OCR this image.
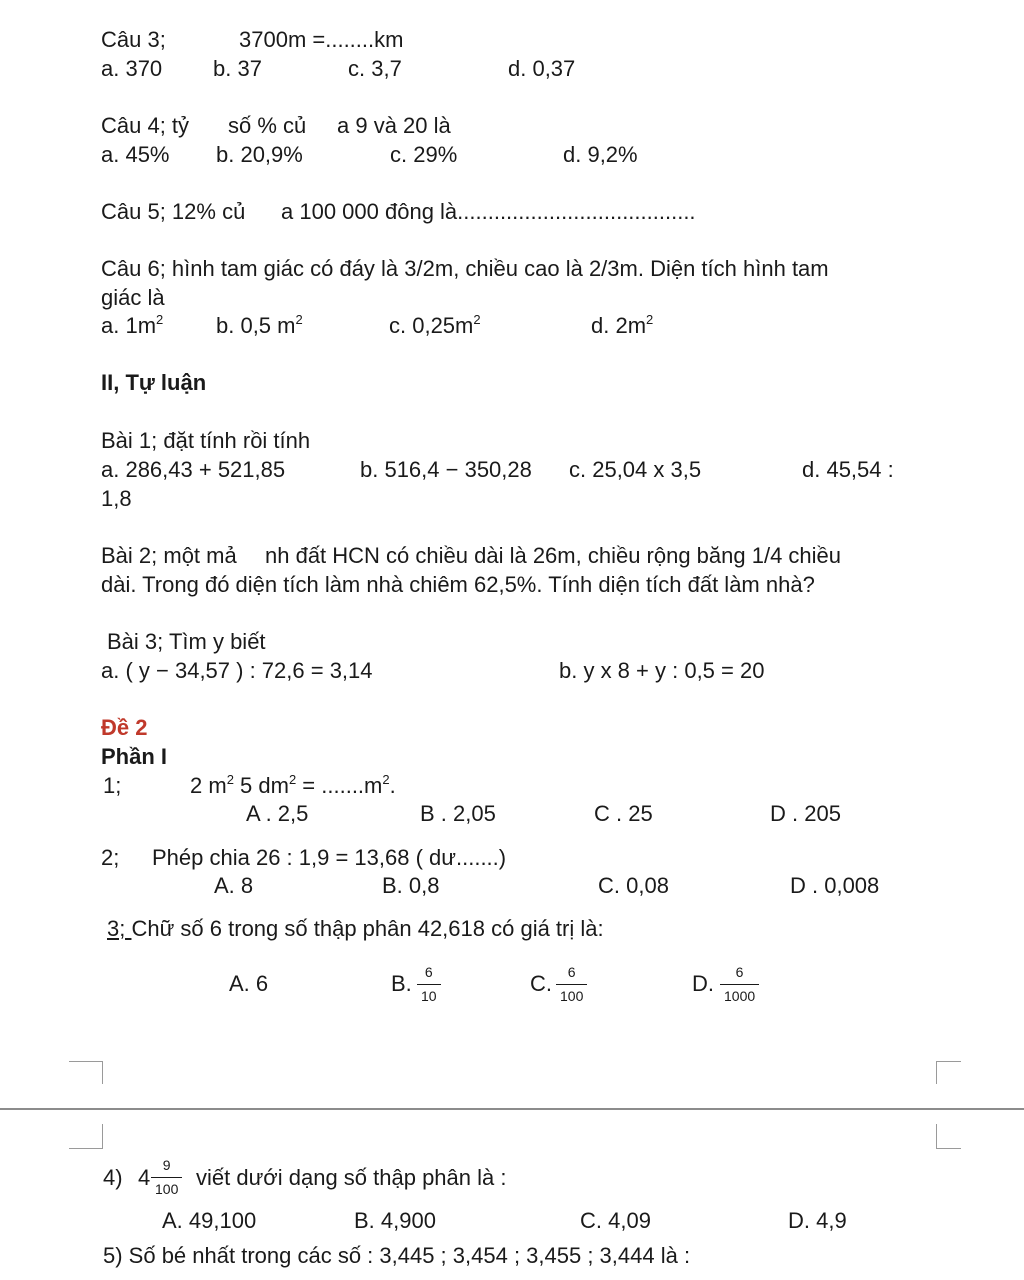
Câu 3;	3700m =........km
a. 370 b. 37	c. 3,7	d. 0,37
Câu 4; tỷ số % củ a 9 và 20 là
a. 45% b. 20,9%	c. 29%	d. 9,2%
Câu 5; 12% củ a 100 000 đông là.......................................
Câu 6; hình tam giác có đáy là 3/2m, chiều cao là 2/3m. Diện tích hình tam
giác là
a. $1m^2$ b. 0,5 $m^2$	c. $0,25m^2$	d. $2m^2$
II, Tự luận
Bài 1; đặt tính rồi tính
a. 286,43 + 521,85	b. 516,4 − 350,28 c. 25,04 x 3,5	d. 45,54 :
1,8
Bài 2; một mả nh đất HCN có chiều dài là 26m, chiều rộng băng 1/4 chiều
dài. Trong đó diện tích làm nhà chiêm 62,5%. Tính diện tích đất làm nhà?
Bài 3; Tìm y biết
a. ( y − 34,57 ) : 72,6 = 3,14	b. y x 8 + y : 0,5 = 20
Đề 2
Phần I
1;	2 $m^2$ 5 $dm^2 = .......m^2$.
A . 2,5	B . 2,05	C . 25	D . 205
2; Phép chia 26 : 1,9 = 13,68 ( dư.......)
A. 8	B. 0,8	C. 0,08	D . 0,008
3; Chữ số 6 trong số thập phân 42,618 có giá trị là:
A. 6	B. 6
10	C.	6
100	D.	6
1000
4) 4 9
100 viết dưới dạng số thập phân là :
A. 49,100	B. 4,900	C. 4,09	D. 4,9
5) Số bé nhất trong các số : 3,445 ; 3,454 ; 3,455 ; 3,444 là :
